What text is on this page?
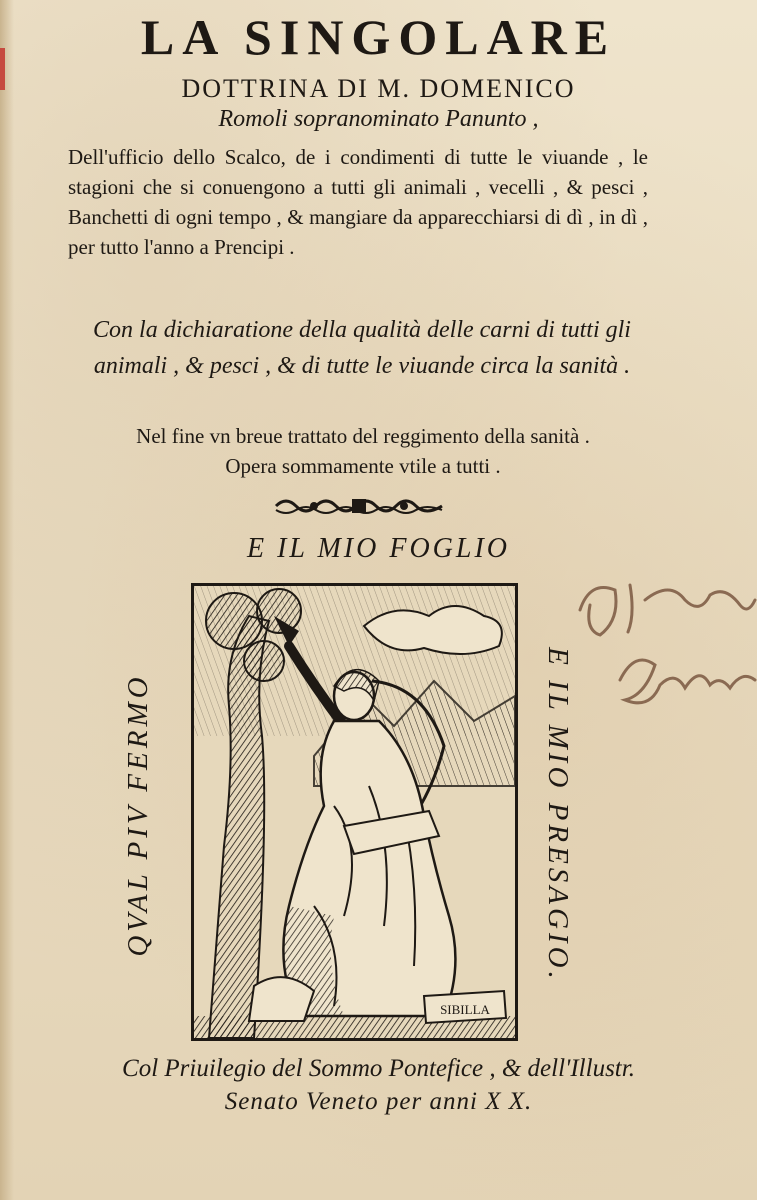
LA SINGOLARE
DOTTRINA DI M. DOMENICO
Romoli sopranominato Panunto ,
Dell'ufficio dello Scalco, de i condimenti di tutte le viuande , le stagioni che si conuengono a tutti gli animali , vecelli , & pesci , Banchetti di ogni tempo , & mangiare da apparecchiarsi di dì , in dì , per tutto l'anno a Prencipi .
Con la dichiaratione della qualità delle carni di tutti gli animali , & pesci , & di tutte le viuande circa la sanità .
Nel fine vn breue trattato del reggimento della sanità .
Opera sommamente vtile a tutti .
E IL MIO FOGLIO
QVAL PIV FERMO	E IL MIO PRESAGIO.
SIBILLA
Col Priuilegio del Sommo Pontefice , & dell'Illustr.
Senato Veneto per anni X X.
